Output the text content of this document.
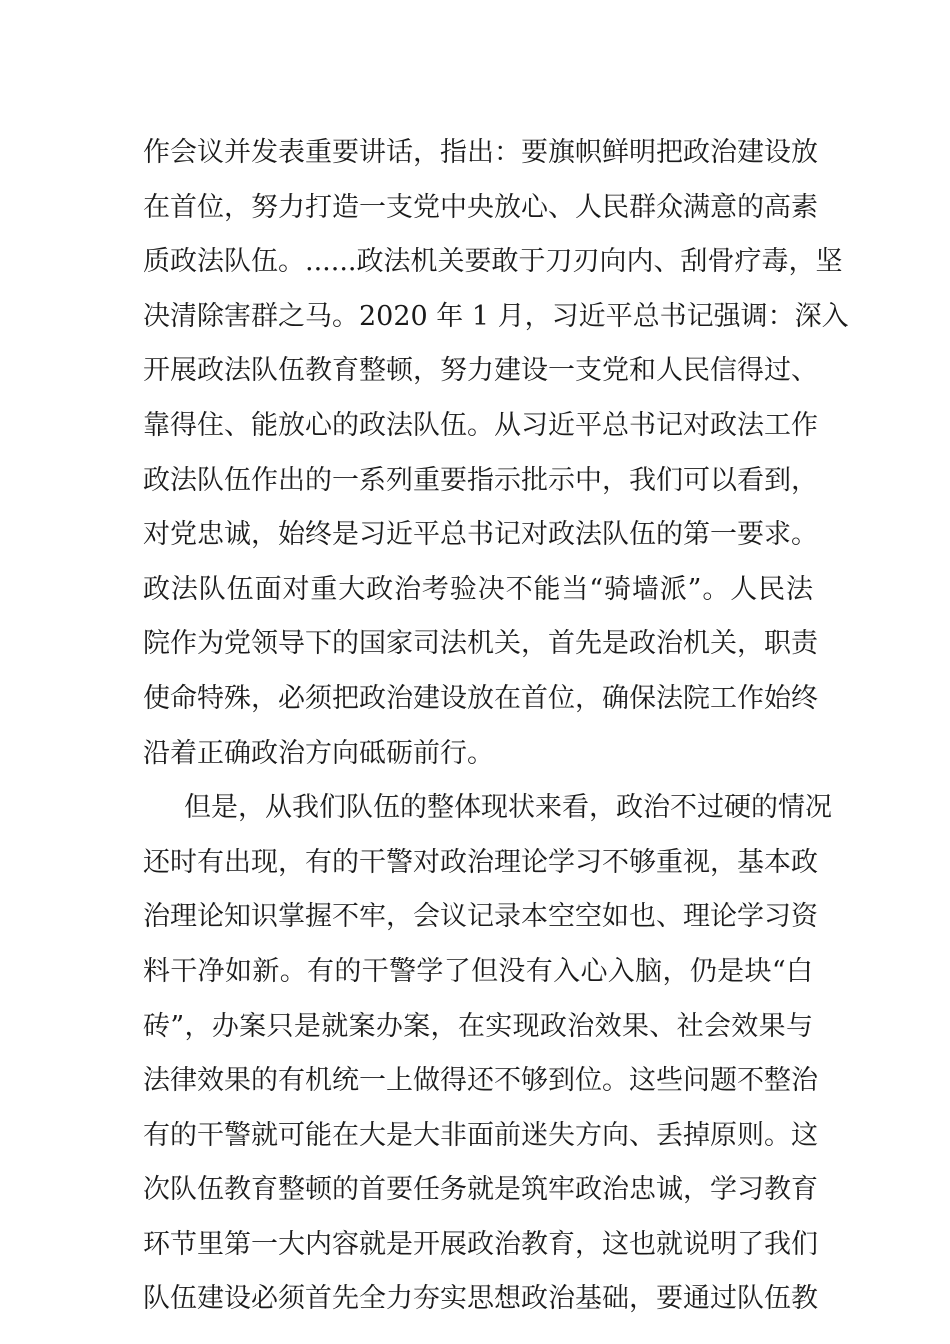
作会议并发表重要讲话，指出：要旗帜鲜明把政治建设放
在首位，努力打造一支党中央放心、人民群众满意的高素
质政法队伍。......政法机关要敢于刀刃向内、刮骨疗毒，坚
决清除害群之马。2020 年 1 月，习近平总书记强调：深入
开展政法队伍教育整顿，努力建设一支党和人民信得过、
靠得住、能放心的政法队伍。从习近平总书记对政法工作
政法队伍作出的一系列重要指示批示中，我们可以看到，
对党忠诚，始终是习近平总书记对政法队伍的第一要求。
政法队伍面对重大政治考验决不能当“骑墙派”。人民法
院作为党领导下的国家司法机关，首先是政治机关，职责
使命特殊，必须把政治建设放在首位，确保法院工作始终
沿着正确政治方向砥砺前行。
但是，从我们队伍的整体现状来看，政治不过硬的情况
还时有出现，有的干警对政治理论学习不够重视，基本政
治理论知识掌握不牢，会议记录本空空如也、理论学习资
料干净如新。有的干警学了但没有入心入脑，仍是块“白
砖”，办案只是就案办案，在实现政治效果、社会效果与
法律效果的有机统一上做得还不够到位。这些问题不整治
有的干警就可能在大是大非面前迷失方向、丢掉原则。这
次队伍教育整顿的首要任务就是筑牢政治忠诚，学习教育
环节里第一大内容就是开展政治教育，这也就说明了我们
队伍建设必须首先全力夯实思想政治基础，要通过队伍教
